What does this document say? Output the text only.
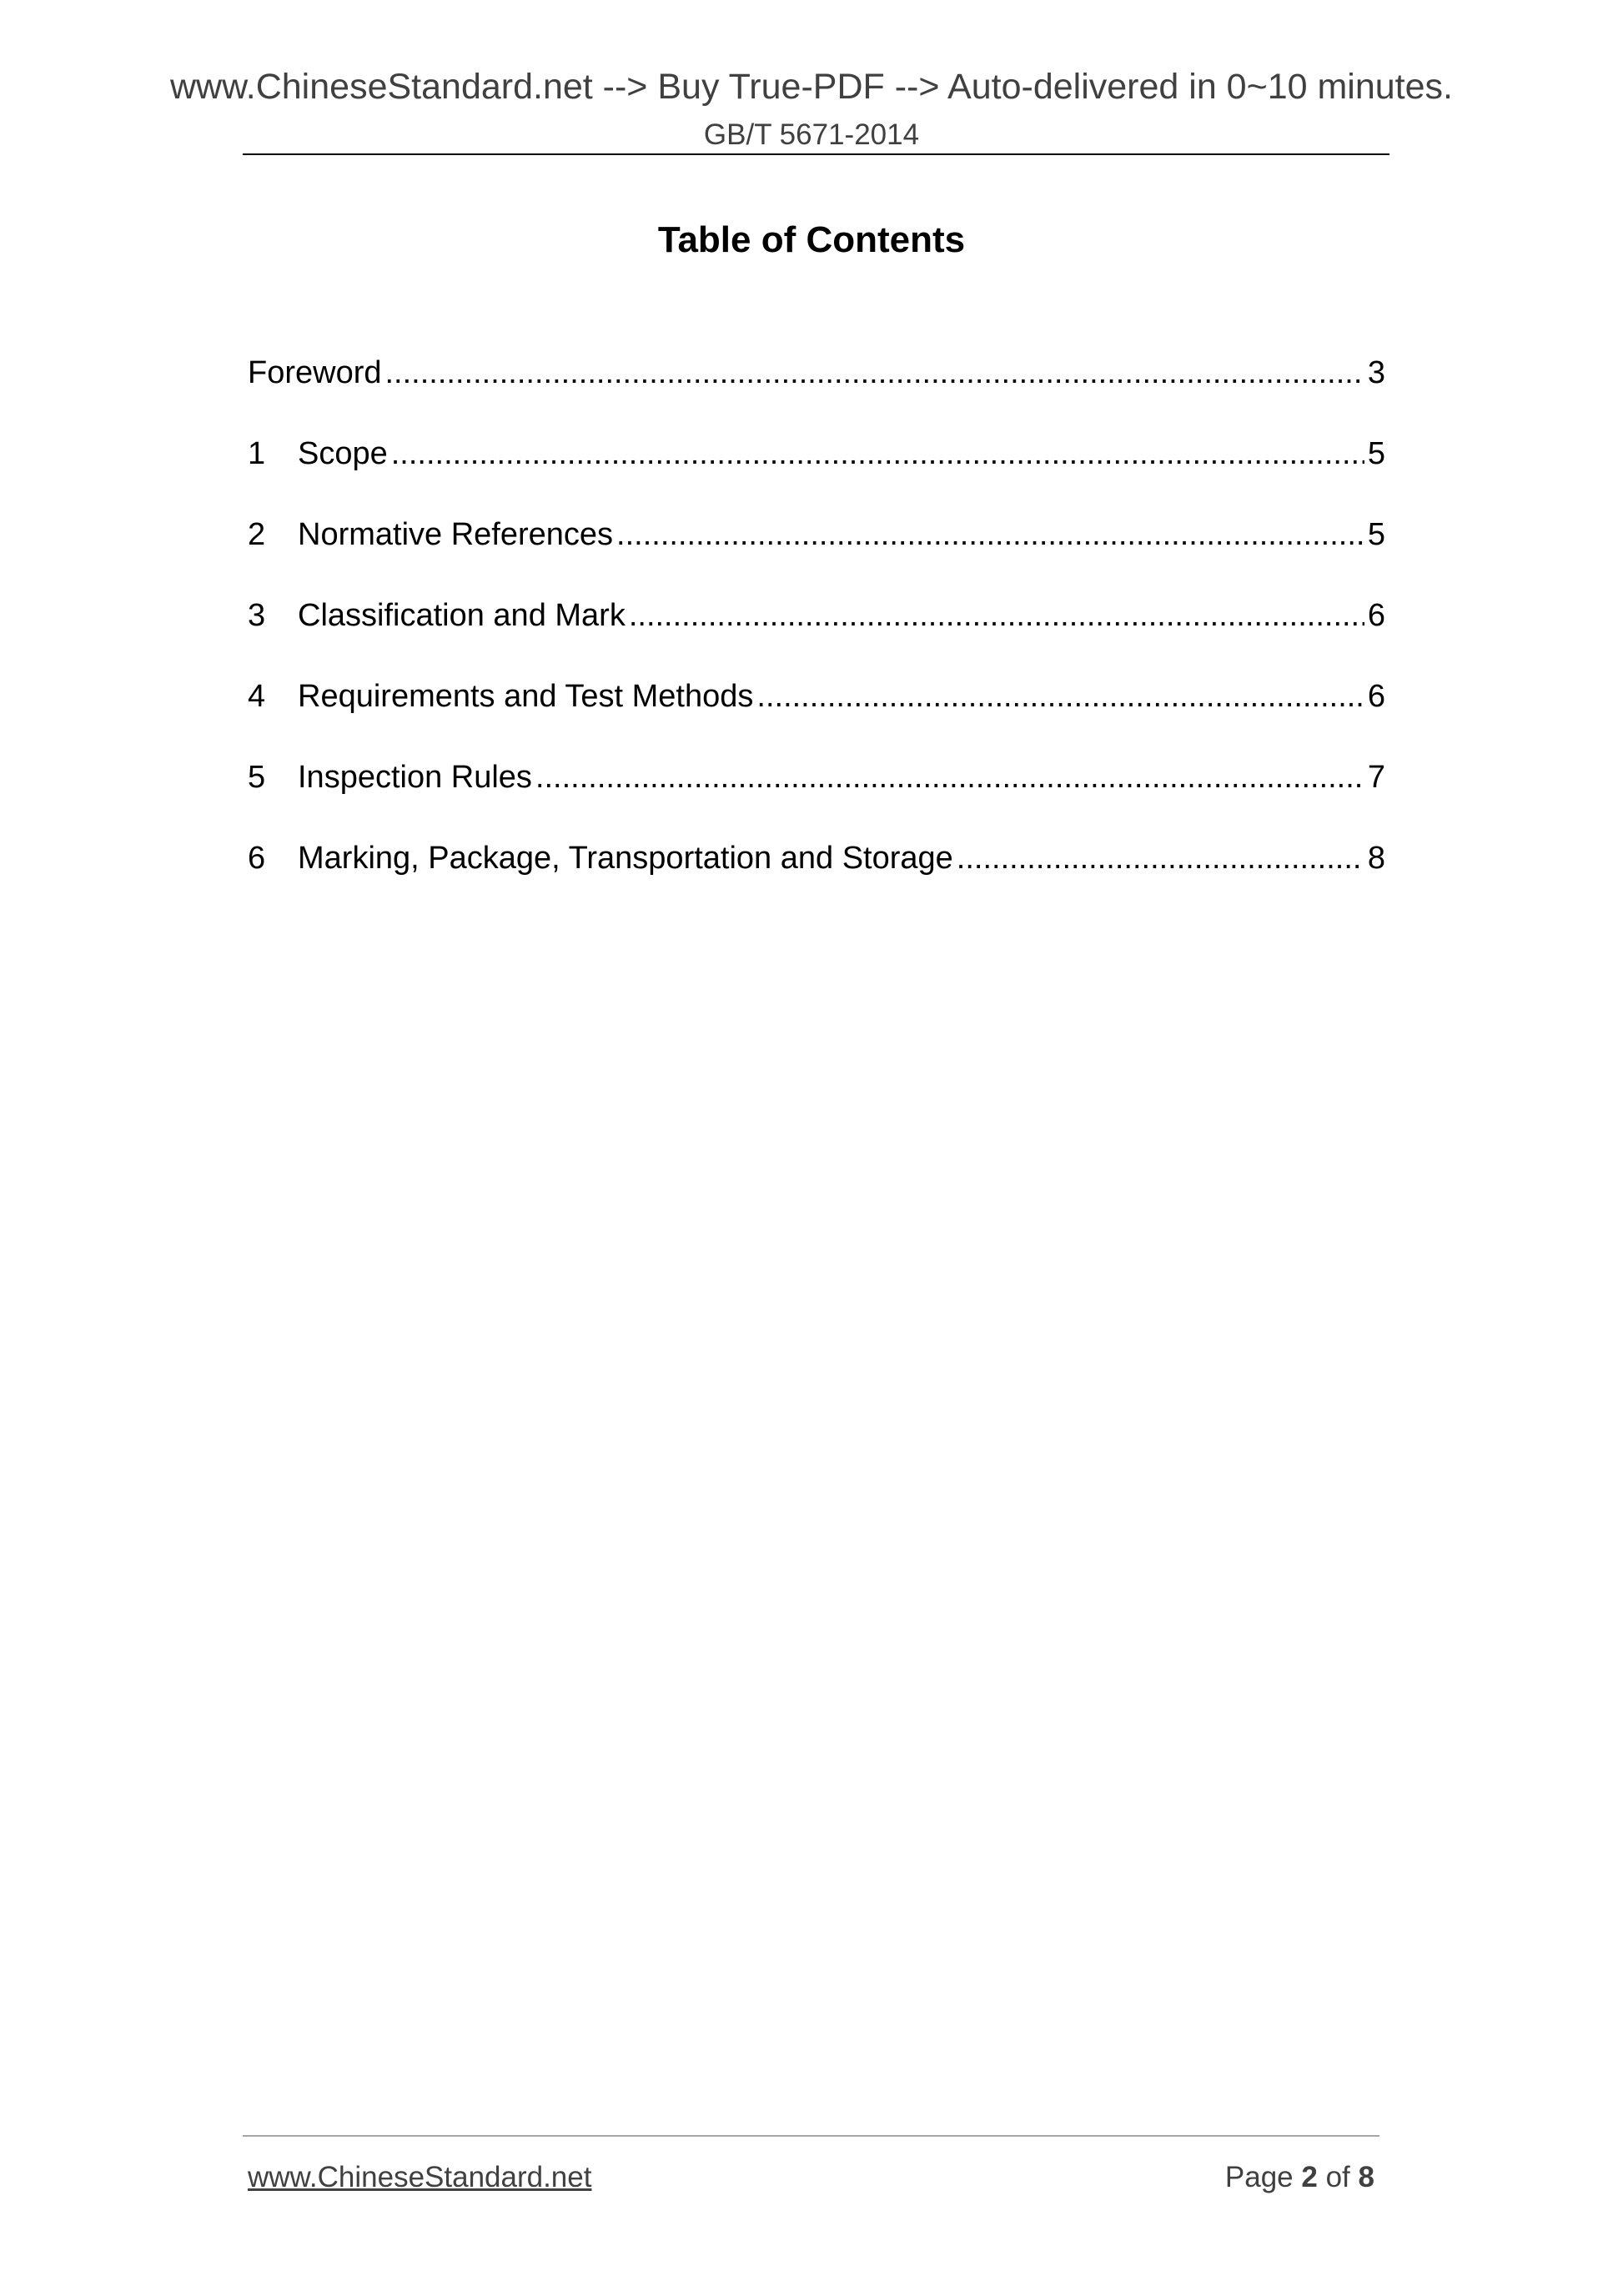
www.ChineseStandard.net --> Buy True-PDF --> Auto-delivered in 0~10 minutes.
GB/T 5671-2014
Table of Contents
Foreword .....	3
1	Scope .....	5
2	Normative References .....	5
3	Classification and Mark .....	6
4	Requirements and Test Methods .....	6
5	Inspection Rules .....	7
6	Marking, Package, Transportation and Storage .....	8
www.ChineseStandard.net	Page 2 of 8
